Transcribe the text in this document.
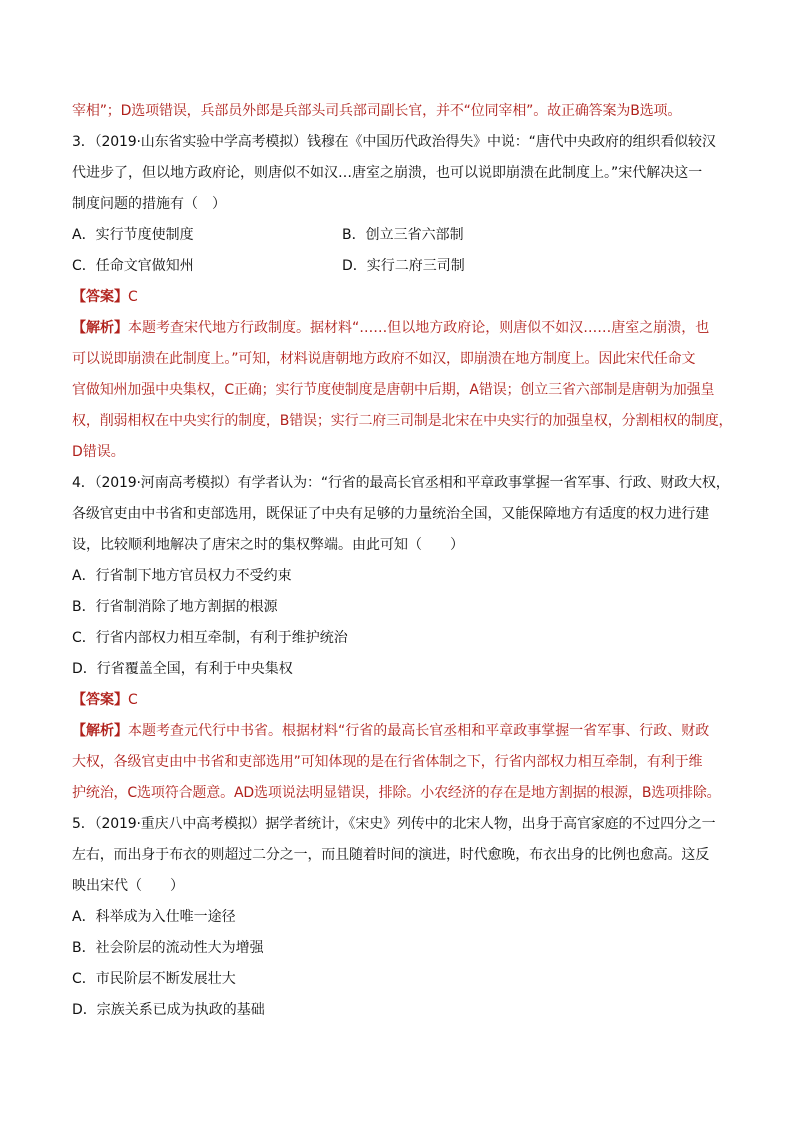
宰相”；D选项错误，兵部员外郎是兵部头司兵部司副长官，并不“位同宰相”。故正确答案为B选项。

3．（2019·山东省实验中学高考模拟）钱穆在《中国历代政治得失》中说：“唐代中央政府的组织看似较汉

代进步了，但以地方政府论，则唐似不如汉…唐室之崩溃，也可以说即崩溃在此制度上。”宋代解决这一

制度问题的措施有（　）

A．实行节度使制度	B．创立三省六部制
C．任命文官做知州	D．实行二府三司制

【答案】C

【解析】本题考查宋代地方行政制度。据材料“……但以地方政府论，则唐似不如汉……唐室之崩溃，也

可以说即崩溃在此制度上。”可知，材料说唐朝地方政府不如汉，即崩溃在地方制度上。因此宋代任命文

官做知州加强中央集权，C正确；实行节度使制度是唐朝中后期，A错误；创立三省六部制是唐朝为加强皇

权，削弱相权在中央实行的制度，B错误；实行二府三司制是北宋在中央实行的加强皇权，分割相权的制度，

D错误。

4．（2019·河南高考模拟）有学者认为：“行省的最高长官丞相和平章政事掌握一省军事、行政、财政大权，

各级官吏由中书省和吏部选用，既保证了中央有足够的力量统治全国，又能保障地方有适度的权力进行建

设，比较顺利地解决了唐宋之时的集权弊端。由此可知（　　）

A．行省制下地方官员权力不受约束

B．行省制消除了地方割据的根源

C．行省内部权力相互牵制，有利于维护统治

D．行省覆盖全国，有利于中央集权

【答案】C

【解析】本题考查元代行中书省。根据材料“行省的最高长官丞相和平章政事掌握一省军事、行政、财政

大权，各级官吏由中书省和吏部选用”可知体现的是在行省体制之下，行省内部权力相互牵制，有利于维

护统治，C选项符合题意。AD选项说法明显错误，排除。小农经济的存在是地方割据的根源，B选项排除。

5．（2019·重庆八中高考模拟）据学者统计，《宋史》列传中的北宋人物，出身于高官家庭的不过四分之一

左右，而出身于布衣的则超过二分之一，而且随着时间的演进，时代愈晚，布衣出身的比例也愈高。这反

映出宋代（　　）

A．科举成为入仕唯一途径

B．社会阶层的流动性大为增强

C．市民阶层不断发展壮大

D．宗族关系已成为执政的基础
